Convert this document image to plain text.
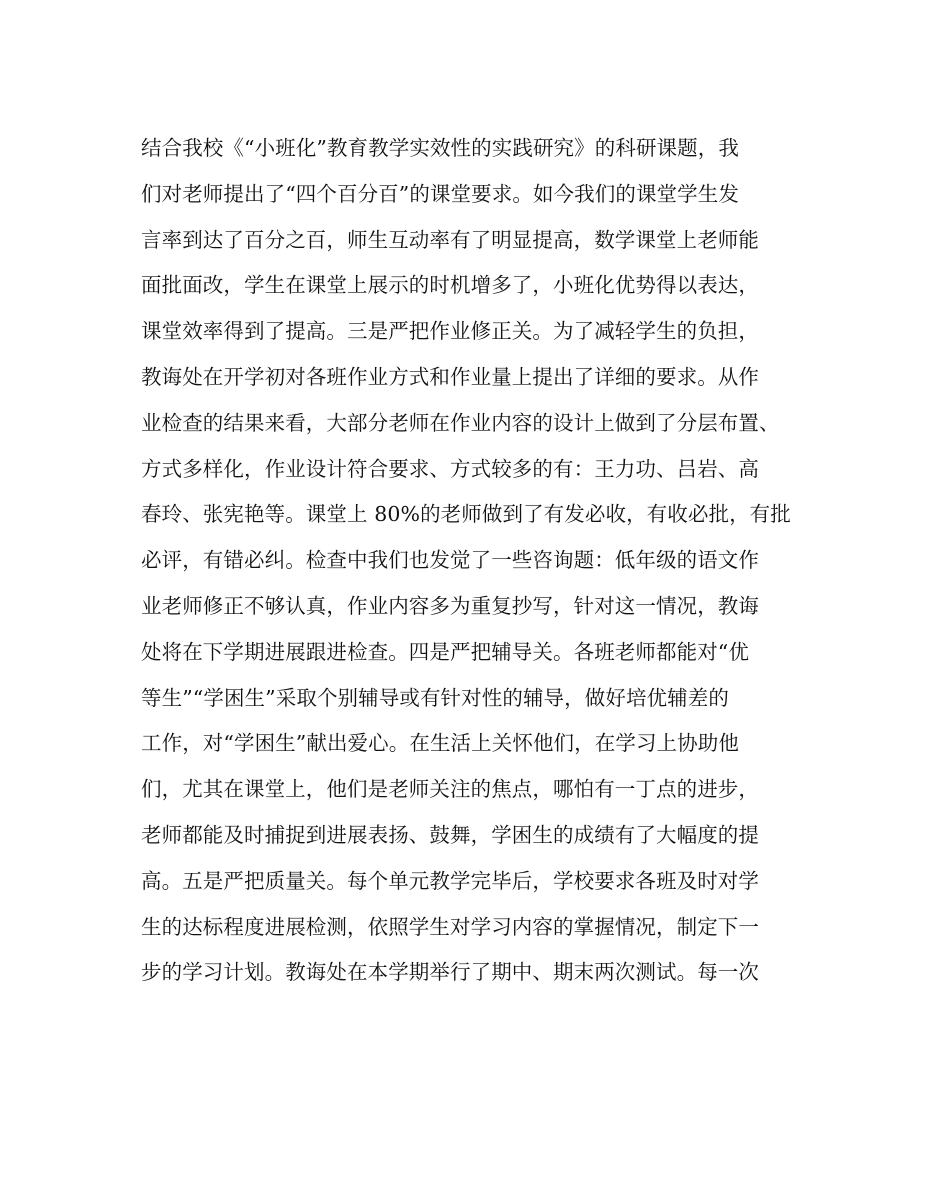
结合我校《“小班化”教育教学实效性的实践研究》的科研课题，我
们对老师提出了“四个百分百”的课堂要求。如今我们的课堂学生发
言率到达了百分之百，师生互动率有了明显提高，数学课堂上老师能
面批面改，学生在课堂上展示的时机增多了，小班化优势得以表达，
课堂效率得到了提高。三是严把作业修正关。为了减轻学生的负担，
教诲处在开学初对各班作业方式和作业量上提出了详细的要求。从作
业检查的结果来看，大部分老师在作业内容的设计上做到了分层布置、
方式多样化，作业设计符合要求、方式较多的有：王力功、吕岩、高
春玲、张宪艳等。课堂上 80%的老师做到了有发必收，有收必批，有批
必评，有错必纠。检查中我们也发觉了一些咨询题：低年级的语文作
业老师修正不够认真，作业内容多为重复抄写，针对这一情况，教诲
处将在下学期进展跟进检查。四是严把辅导关。各班老师都能对“优
等生”“学困生”采取个别辅导或有针对性的辅导，做好培优辅差的
工作，对“学困生”献出爱心。在生活上关怀他们，在学习上协助他
们，尤其在课堂上，他们是老师关注的焦点，哪怕有一丁点的进步，
老师都能及时捕捉到进展表扬、鼓舞，学困生的成绩有了大幅度的提
高。五是严把质量关。每个单元教学完毕后，学校要求各班及时对学
生的达标程度进展检测，依照学生对学习内容的掌握情况，制定下一
步的学习计划。教诲处在本学期举行了期中、期末两次测试。每一次
